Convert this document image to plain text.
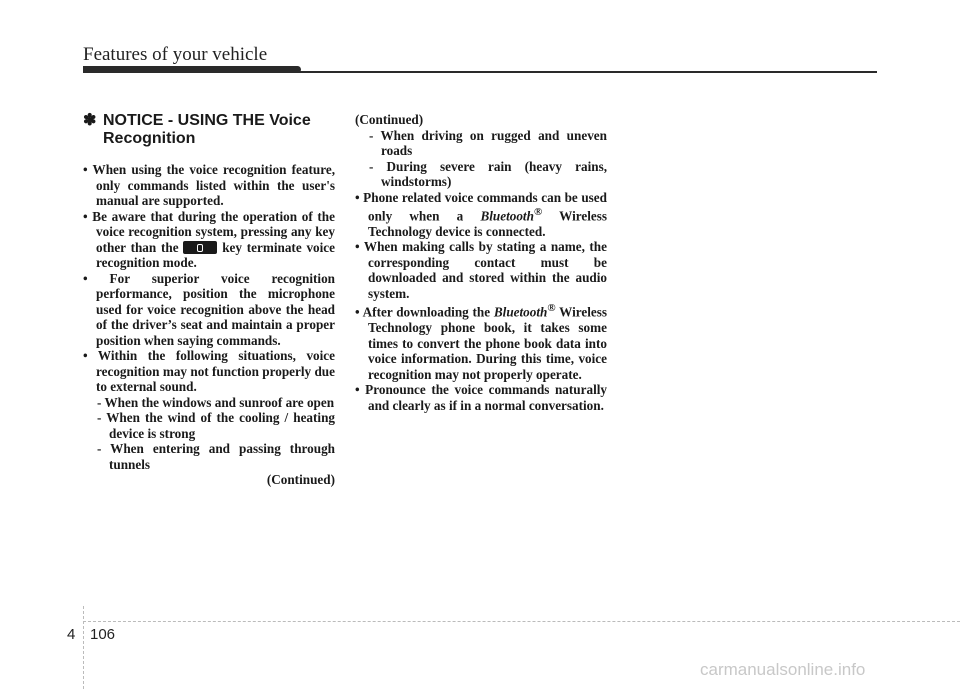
Features of your vehicle
✽ NOTICE - USING THE Voice Recognition

• When using the voice recognition feature, only commands listed within the user's manual are supported.

• Be aware that during the operation of the voice recognition system, pressing any key other than the	key terminate voice recognition mode.

• For superior voice recognition performance, position the microphone used for voice recognition above the head of the driver’s seat and maintain a proper position when saying commands.

• Within the following situations, voice recognition may not function properly due to external sound.

- When the windows and sunroof are open

- When the wind of the cooling / heating device is strong

- When entering and passing through tunnels

(Continued)

(Continued)

- When driving on rugged and uneven roads

- During severe rain (heavy rains, windstorms)

• Phone related voice commands can be used only when a Bluetooth® Wireless Technology device is connected.

• When making calls by stating a name, the corresponding contact must be downloaded and stored within the audio system.

• After downloading the Bluetooth® Wireless Technology phone book, it takes some times to convert the phone book data into voice information. During this time, voice recognition may not properly operate.

• Pronounce the voice commands naturally and clearly as if in a normal conversation.

4 106
carmanualsonline.info
